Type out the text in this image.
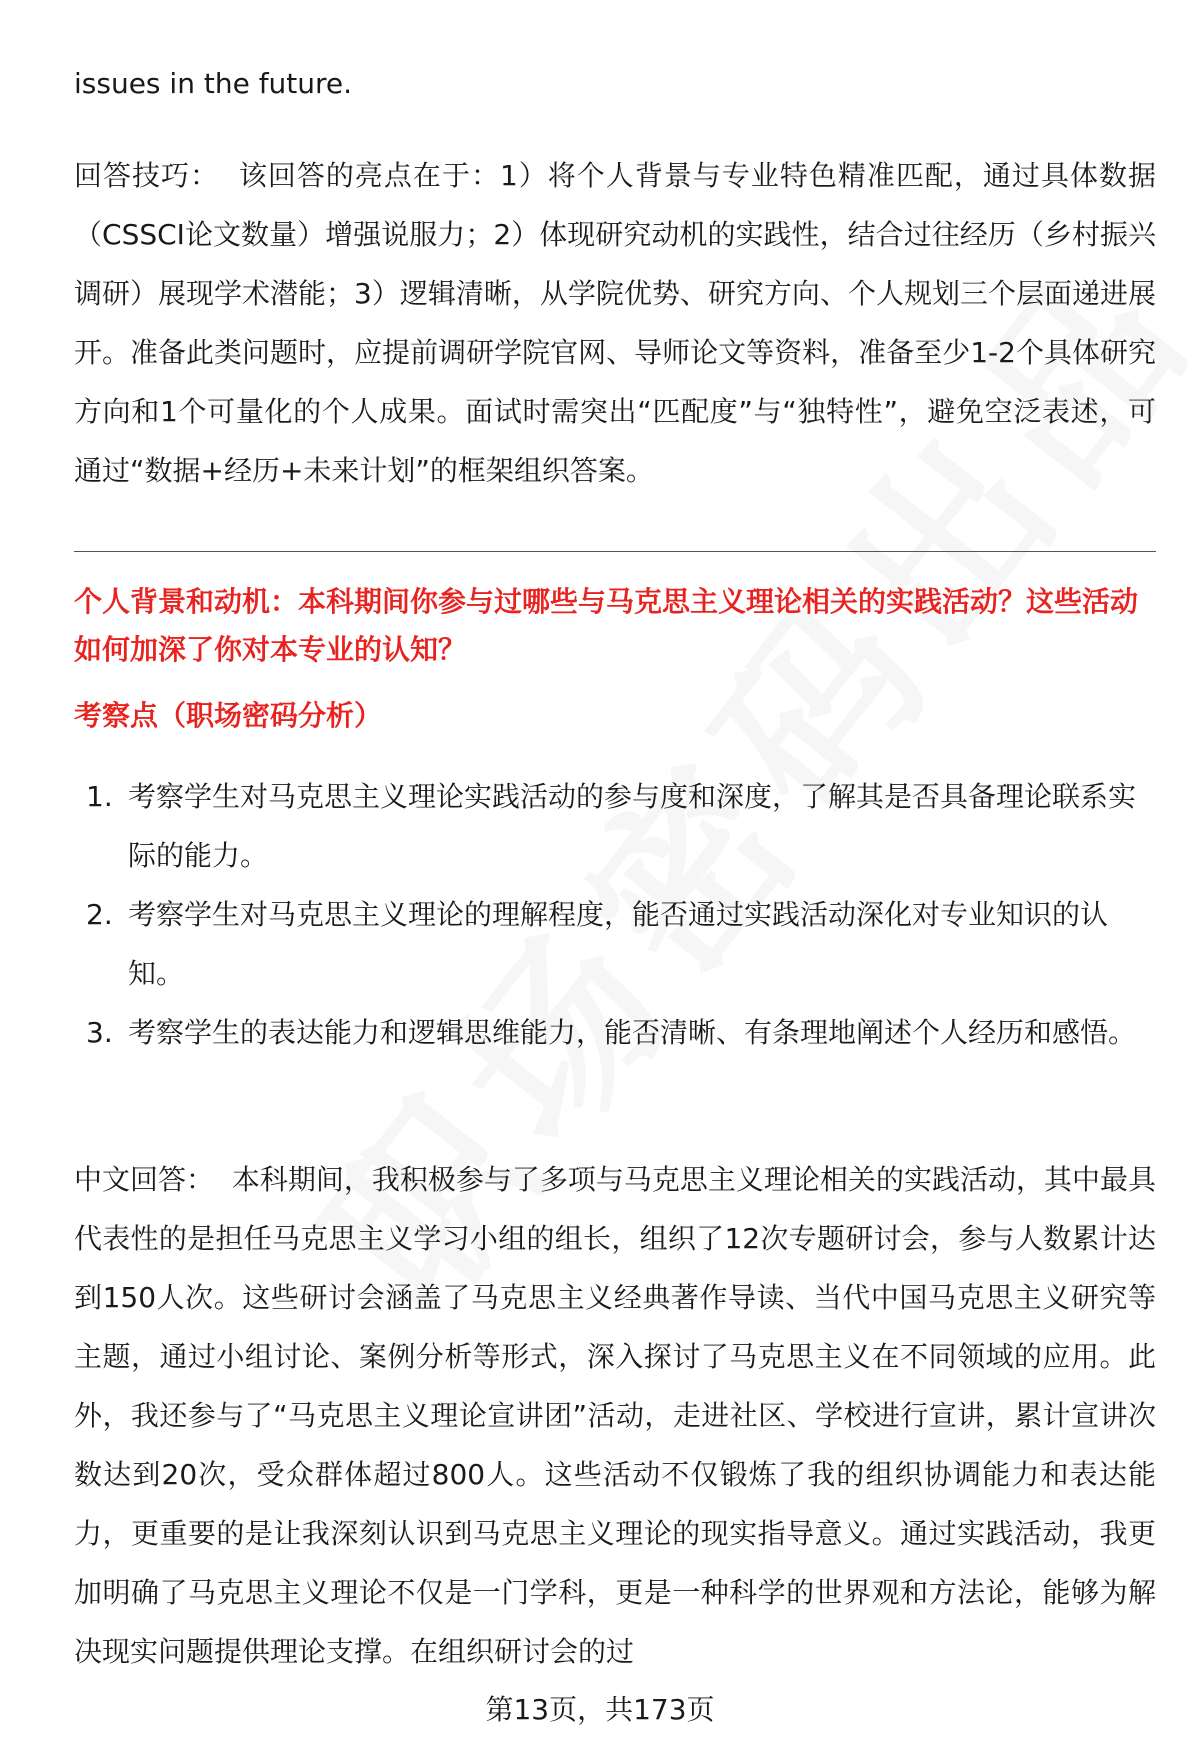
issues in the future.

回答技巧： 该回答的亮点在于：1）将个人背景与专业特色精准匹配，通过具体数据（CSSCI论文数量）增强说服力；2）体现研究动机的实践性，结合过往经历（乡村振兴调研）展现学术潜能；3）逻辑清晰，从学院优势、研究方向、个人规划三个层面递进展开。准备此类问题时，应提前调研学院官网、导师论文等资料，准备至少1-2个具体研究方向和1个可量化的个人成果。面试时需突出“匹配度”与“独特性”，避免空泛表述，可通过“数据+经历+未来计划”的框架组织答案。

个人背景和动机：本科期间你参与过哪些与马克思主义理论相关的实践活动？这些活动如何加深了你对本专业的认知？

考察点（职场密码分析）

1. 考察学生对马克思主义理论实践活动的参与度和深度，了解其是否具备理论联系实际的能力。
2. 考察学生对马克思主义理论的理解程度，能否通过实践活动深化对专业知识的认知。
3. 考察学生的表达能力和逻辑思维能力，能否清晰、有条理地阐述个人经历和感悟。

中文回答： 本科期间，我积极参与了多项与马克思主义理论相关的实践活动，其中最具代表性的是担任马克思主义学习小组的组长，组织了12次专题研讨会，参与人数累计达到150人次。这些研讨会涵盖了马克思主义经典著作导读、当代中国马克思主义研究等主题，通过小组讨论、案例分析等形式，深入探讨了马克思主义在不同领域的应用。此外，我还参与了“马克思主义理论宣讲团”活动，走进社区、学校进行宣讲，累计宣讲次数达到20次，受众群体超过800人。这些活动不仅锻炼了我的组织协调能力和表达能力，更重要的是让我深刻认识到马克思主义理论的现实指导意义。通过实践活动，我更加明确了马克思主义理论不仅是一门学科，更是一种科学的世界观和方法论，能够为解决现实问题提供理论支撑。在组织研讨会的过

第13页，共173页
